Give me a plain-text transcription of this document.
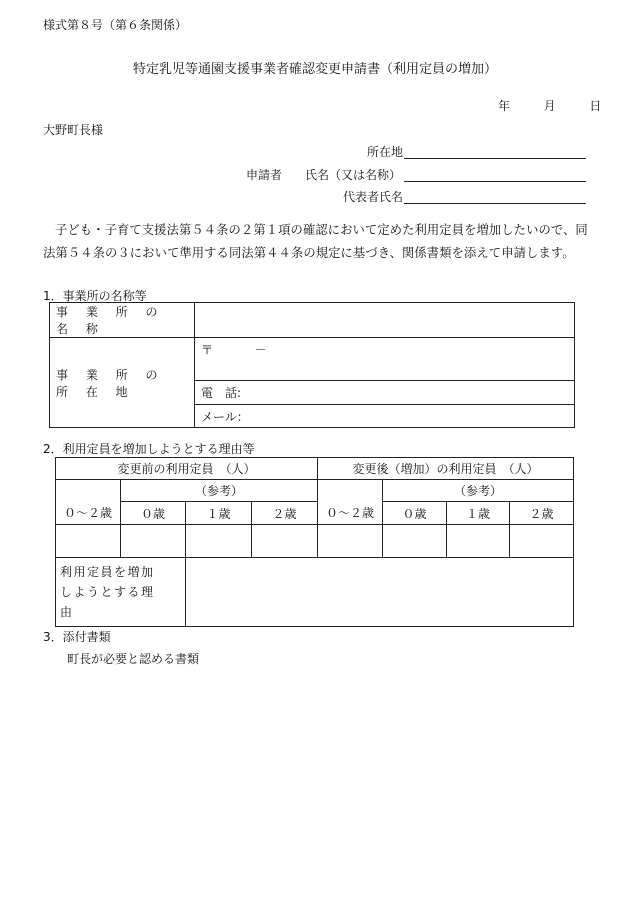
様式第８号（第６条関係）
特定乳児等通園支援事業者確認変更申請書（利用定員の増加）
年	月	日
大野町長様
所在地
申請者 氏名（又は名称）
代表者氏名
子ども・子育て支援法第５４条の２第１項の確認において定めた利用定員を増加したいので、同法第５４条の３において準用する同法第４４条の規定に基づき、関係書類を添えて申請します。
1．事業所の名称等
事 業 所 の 名 称	
事 業 所 の 所 在 地	〒 －
	電　話:
	メール：
2．利用定員を増加しようとする理由等
変更前の利用定員　（人）				変更後（増加）の利用定員　（人）			
	（参考）				（参考）		
０～２歳	０歳	１歳	２歳	０～２歳	０歳	１歳	２歳

利用定員を増加しようとする理由							

3．添付書類
町長が必要と認める書類
